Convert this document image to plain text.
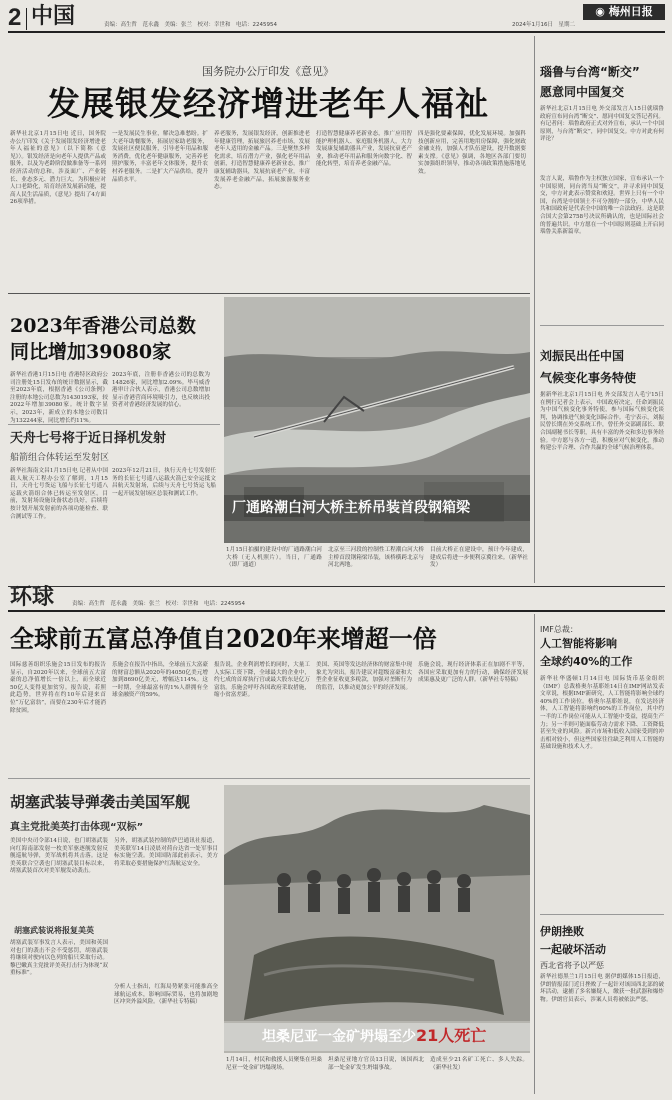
2 中国	责编：高生哲　范永鑫　美编：张兰　校对：幸世和　电话：2245954	2024年1月16日　星期二
◉ 梅州日报
国务院办公厅印发《意见》
发展银发经济增进老年人福祉
新华社北京1月15日电 近日，国务院办公厅印发《关于发展银发经济增进老年人福祉的意见》（以下简称《意见》）。银发经济是向老年人提供产品或服务，以及为老龄阶段做准备等一系列经济活动的总和，涉及面广、产业链长、业态多元、潜力巨大。为积极应对人口老龄化，培育经济发展新动能，提高人民生活品质，《意见》提出了4方面26项举措。
一是发展民生事业，解决急难愁盼。扩大老年助餐服务，拓展居家助老服务，发展社区便民服务，引导老年用品和服务消费，优化老年健康服务，完善养老照护服务，丰富老年文体服务，提升农村养老服务。二是扩大产品供给，提升品质水平。
养老服务，发展银发经济，创新推进老年健康管理，拓展旅居养老市场，发展老年人适用的金融产品。三是聚焦多样化需求，培育潜力产业，强化老年用品创新，打造智慧健康养老新业态，推广康复辅助器具，发展抗衰老产业，丰富发展养老金融产品，拓展旅游服务业态。
打造智慧健康养老新业态，推广应用智能护理机器人、家庭服务机器人，大力发展康复辅助器具产业，发展抗衰老产业，推动老年用品和服务向数字化、智能化转型，培育养老金融产品。
四是强化要素保障，优化发展环境。加强科技创新应用，完善用地用房保障，强化财政金融支持，加强人才队伍建设，提升数据要素支撑。《意见》强调，各地区各部门要切实加强组织领导，推动各项政策措施落地见效。
瑙鲁与台湾“断交”
愿意同中国复交
新华社北京1月15日电 外交部发言人15日就瑙鲁政府宣布同台湾“断交”、愿同中国复交答记者问。有记者问：瑙鲁政府正式对外宣布，承认一个中国原则，与台湾“断交”，同中国复交。中方对此有何评论？
发言人说，瑙鲁作为主权独立国家，宣布承认一个中国原则，同台湾当局“断交”，并寻求同中国复交，中方对此表示赞赏和欢迎。世界上只有一个中国，台湾是中国领土不可分割的一部分，中华人民共和国政府是代表全中国的唯一合法政府。这是联合国大会第2758号决议所确认的，也是国际社会的普遍共识。中方愿在一个中国原则基础上开启同瑙鲁关系新篇章。
刘振民出任中国
气候变化事务特使
据新华社北京1月15日电 外交部发言人毛宁15日在例行记者会上表示，中国政府决定，任命刘振民为中国气候变化事务特使，参与国际气候变化谈判，协调推进气候变化国际合作。毛宁表示，刘振民曾长期在外交系统工作，曾任外交部副部长、联合国副秘书长等职，具有丰富的外交和多边事务经验。中方愿与各方一道，积极应对气候变化，推动构建公平合理、合作共赢的全球气候治理体系。
2023年香港公司总数
同比增加39080家
新华社香港1月15日电 香港特区政府公司注册处15日发布的统计数据显示，截至2023年底，根据香港《公司条例》注册的本地公司总数为1430193家，较2022年增加39080家。统计数字显示，2023年，新成立的本地公司数目为132244家，同比增长约11%。
2023年底，注册非香港公司的总数为14826家，同比增加2.09%。毕马威香港审计合伙人表示，香港公司总数增加显示香港营商环境吸引力，也反映出投资者对香港经济发展的信心。
天舟七号将于近日择机发射
船箭组合体转运至发射区
新华社海南文昌1月15日电 记者从中国载人航天工程办公室了解到，1月15日，天舟七号货运飞船与长征七号遥八运载火箭组合体已转运至发射区。目前，发射场设施设备状态良好，后续将按计划开展发射前的各项功能检查、联合测试等工作。
2023年12月21日，执行天舟七号发射任务的长征七号遥八运载火箭已安全运抵文昌航天发射场，后续与天舟七号货运飞船一起开展发射场区总装和测试工作。
厂通路潮白河大桥主桥吊装首段钢箱梁
1月15日拍摄的建设中的厂通路潮白河大桥（无人机照片）。当日，厂通路（即厂通道）
北京至三河段的控制性工程潮白河大桥主桥首段钢箱梁吊装，该桥横跨北京与河北两地。
目前大桥正在建设中，预计今年建成，建成后将进一步便利京冀往来。（新华社发）
环球	责编：高生哲　范永鑫　美编：张兰　校对：幸世和　电话：2245954
全球前五富总净值自2020年来增超一倍
国际慈善组织乐施会15日发布的报告显示，自2020年以来，全球前五大富豪的总净值增长一倍以上，而全球近50亿人变得更加贫穷。报告说，若照此趋势，世界将在约10年后迎来首位“万亿富翁”，而要在230年后才能消除贫困。
乐施会在报告中指出，全球前五大富豪的财富总额从2020年的4050亿美元增加到8690亿美元，增幅达114%。这一时期，全球最富有的1%人群拥有全球金融资产的59%。
报告说，企业利润增长的同时，大量工人实际工资下降，全球最大的企业中，约七成的首席执行官或最大股东是亿万富翁。乐施会呼吁各国政府采取措施，缩小贫富差距。
美国、英国等发达经济体的财富集中现象尤为突出。报告建议对超级富豪和大型企业征收更多税款，加强对垄断行为的监管，以推动更加公平的经济发展。
乐施会说，现行经济体系正在加剧不平等，各国应采取更加有力的行动，确保经济发展成果惠及更广泛的人群。（新华社专特稿）
胡塞武装导弹袭击美国军舰
真主党批美英打击体现“双标”
美国中央司令部14日说，也门胡塞武装向红海南部发射一枚美军驱逐舰发射反舰巡航导弹，美军战机将其击落。这是美英联合空袭也门胡塞武装目标以来，胡塞武装首次对美军舰发动袭击。
胡塞武装说将报复美英
胡塞武装军事发言人表示，美国和英国对也门的袭击不会不受惩罚，胡塞武装将继续对驶向以色列的船只采取行动。黎巴嫩真主党批评美英打击行为体现“双重标准”。
另外，胡塞武装控制的萨巴通讯社报道，美英联军14日凌晨对荷台达省一处军事目标实施空袭。美国国防部此前表示，美方将采取必要措施保护红海航运安全。
分析人士指出，红海局势紧张可能推高全球航运成本，影响国际贸易，也将加剧地区冲突外溢风险。（新华社专特稿）
坦桑尼亚一金矿坍塌至少21人死亡
1月14日，村民和救援人员聚集在坦桑尼亚一处金矿坍塌现场。
坦桑尼亚地方官员13日说，该国西北部一处金矿发生坍塌事故。
造成至少21名矿工死亡、多人失踪。（新华社发）
IMF总裁：
人工智能将影响
全球约40%的工作
新华社华盛顿1月14日电 国际货币基金组织（IMF）总裁格奥尔基耶娃14日在IMF网站发表文章说，根据IMF新研究，人工智能将影响全球约40%的工作岗位。格奥尔基耶娃说，在发达经济体，人工智能将影响约60%的工作岗位，其中约一半的工作岗位可能从人工智能中受益，提高生产力；另一半则可能面临劳动力需求下降、工资降低甚至失业的风险。新兴市场和低收入国家受到的冲击相对较小，但这些国家往往缺乏利用人工智能的基础设施和技术人才。
伊朗挫败
一起破坏活动
西北省将予以严惩
新华社德黑兰1月15日电 据伊朗媒体15日报道，伊朗情报部门近日挫败了一起针对该国西北部的破坏活动，逮捕了多名嫌疑人，缴获一批武器和爆炸物。伊朗官员表示，涉案人员将被依法严惩。
